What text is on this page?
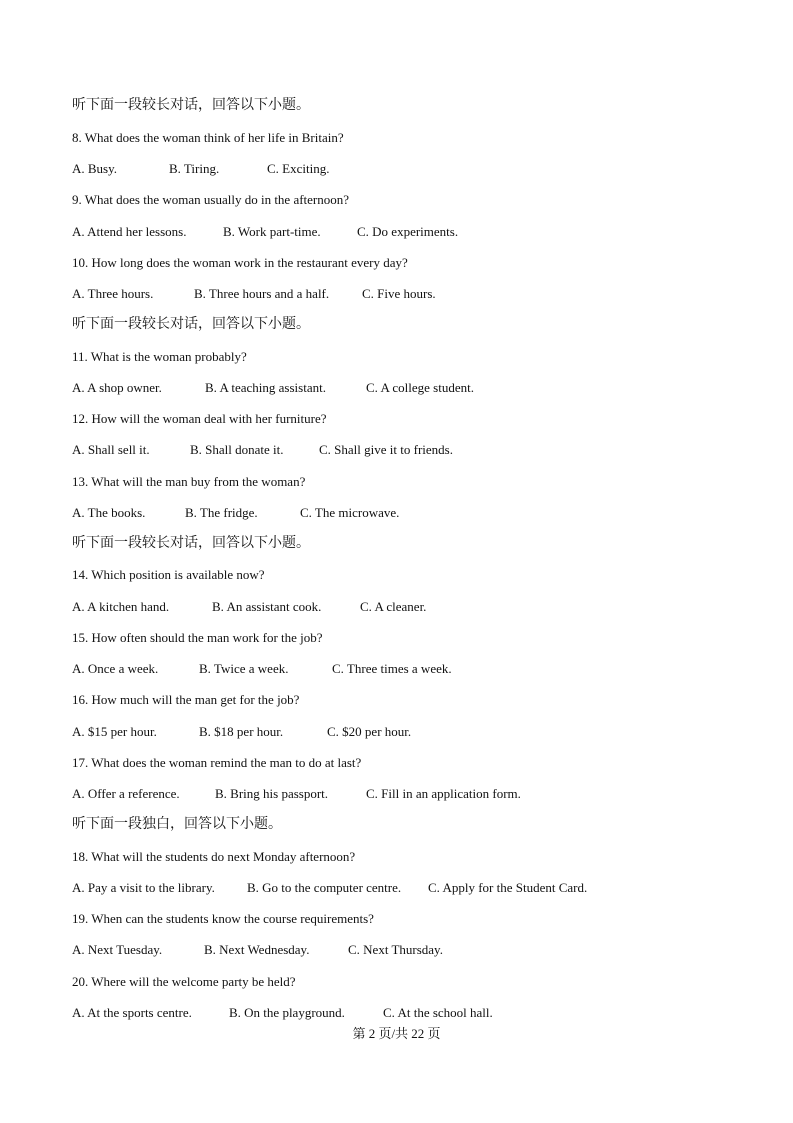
听下面一段较长对话，回答以下小题。
8. What does the woman think of her life in Britain?
A. Busy.	B. Tiring.	C. Exciting.
9. What does the woman usually do in the afternoon?
A. Attend her lessons.	B. Work part-time.	C. Do experiments.
10. How long does the woman work in the restaurant every day?
A. Three hours.	B. Three hours and a half.	C. Five hours.
听下面一段较长对话，回答以下小题。
11. What is the woman probably?
A. A shop owner.	B. A teaching assistant.	C. A college student.
12. How will the woman deal with her furniture?
A. Shall sell it.	B. Shall donate it.	C. Shall give it to friends.
13. What will the man buy from the woman?
A. The books.	B. The fridge.	C. The microwave.
听下面一段较长对话，回答以下小题。
14. Which position is available now?
A. A kitchen hand.	B. An assistant cook.	C. A cleaner.
15. How often should the man work for the job?
A. Once a week.	B. Twice a week.	C. Three times a week.
16. How much will the man get for the job?
A. $15 per hour.	B. $18 per hour.	C. $20 per hour.
17. What does the woman remind the man to do at last?
A. Offer a reference.	B. Bring his passport.	C. Fill in an application form.
听下面一段独白，回答以下小题。
18. What will the students do next Monday afternoon?
A. Pay a visit to the library. B. Go to the computer centre. C. Apply for the Student Card.
19. When can the students know the course requirements?
A. Next Tuesday.	B. Next Wednesday.	C. Next Thursday.
20. Where will the welcome party be held?
A. At the sports centre.	B. On the playground.	C. At the school hall.
第 2 页/共 22 页
